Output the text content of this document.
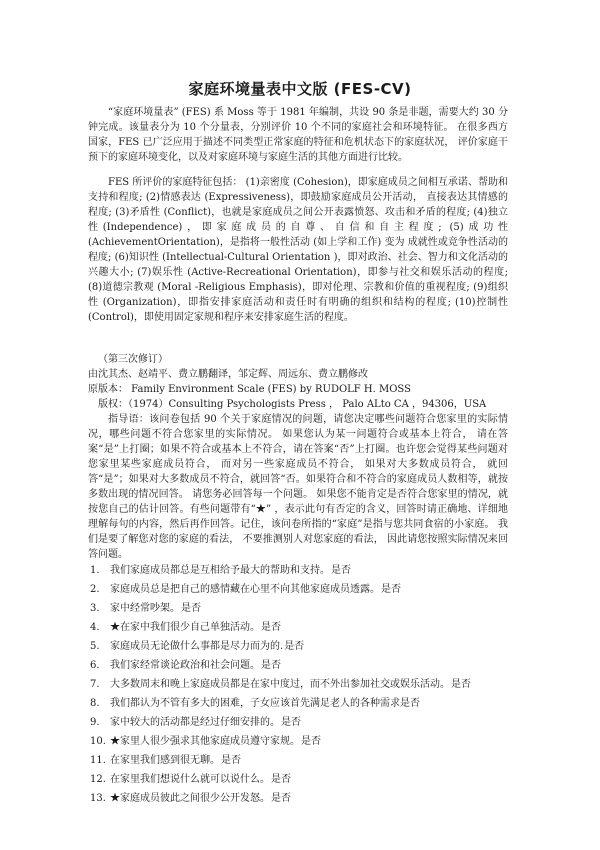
家庭环境量表中文版 (FES-CV)

“家庭环境量表” (FES) 系 Moss 等于 1981 年编制，共设 90 条是非题，需要大约 30 分钟完成。该量表分为 10 个分量表，分别评价 10 个不同的家庭社会和环境特征。 在很多西方国家，FES 已广泛应用于描述不同类型正常家庭的特征和危机状态下的家庭状况， 评价家庭干预下的家庭环境变化，以及对家庭环境与家庭生活的其他方面进行比较。

FES 所评价的家庭特征包括： (1)亲密度 (Cohesion)，即家庭成员之间相互承诺、帮助和支持和程度; (2)情感表达 (Expressiveness)，即鼓励家庭成员公开活动， 直接表达其情感的程度; (3)矛盾性 (Conflict)，也就是家庭成员之间公开表露愤怒、攻击和矛盾的程度; (4)独立性(Independence)，即家庭成员的自尊、自信和自主程度; (5)成功性 (AchievementOrientation)，是指将一般性活动 (如上学和工作) 变为 成就性或竞争性活动的 程度; (6)知识性 (Intellectual-Cultural Orientation )，即对政治、社会、智力和文化活动的兴趣大小; (7)娱乐性 (Active-Recreational Orientation)，即参与社交和娱乐活动的程度; (8)道德宗教观 (Moral -Religious Emphasis)，即对伦理、宗教和价值的重视程度; (9)组织性 (Organization)，即指安排家庭活动和责任时有明确的组织和结构的程度; (10)控制性 (Control)，即使用固定家规和程序来安排家庭生活的程度。

（第三次修订）

由沈其杰、赵靖平、费立鹏翻译，邹定辉、周远东、费立鹏修改

原版本： Family Environment Scale (FES) by RUDOLF H. MOSS

版权：（1974）Consulting Psychologists Press ， Palo ALto CA ，94306，USA

指导语：该问卷包括 90 个关于家庭情况的问题，请您决定哪些问题符合您家里的实际情况，哪些问题不符合您家里的实际情况。 如果您认为某一问题符合或基本上符合， 请在答案“是”上打圈；如果不符合或基本上不符合，请在答案“否”上打圈。也许您会觉得某些问题对您家里某些家庭成员符合， 而对另一些家庭成员不符合， 如果对大多数成员符合， 就回答“是”；如果对大多数成员不符合，就回答“否。如果符合和不符合的家庭成员人数相等，就按多数出现的情况回答。 请您务必回答每一个问题。 如果您不能肯定是否符合您家里的情况，就按您自己的估计回答。有些问题带有“★” ，表示此句有否定的含义，回答时请正确地、详细地理解每句的内容，然后再作回答。记住，该问卷所指的“家庭”是指与您共同食宿的小家庭。 我们是要了解您对您的家庭的看法， 不要推测别人对您家庭的看法， 因此请您按照实际情况来回答问题。

1.	我们家庭成员都总是互相给予最大的帮助和支持。是否
2.	家庭成员总是把自己的感情藏在心里不向其他家庭成员透露。是否
3.	家中经常吵架。是否
4.	★在家中我们很少自己单独活动。是否
5.	家庭成员无论做什么事都是尽力而为的.是否
6.	我们家经常谈论政治和社会问题。是否
7.	大多数周末和晚上家庭成员都是在家中度过，而不外出参加社交或娱乐活动。是否
8.	我们都认为不管有多大的困难，子女应该首先满足老人的各种需求是否
9.	家中较大的活动都是经过仔细安排的。是否
10. ★家里人很少强求其他家庭成员遵守家规。是否
11. 在家里我们感到很无聊。是否
12. 在家里我们想说什么就可以说什么。是否
13. ★家庭成员彼此之间很少公开发怒。是否
